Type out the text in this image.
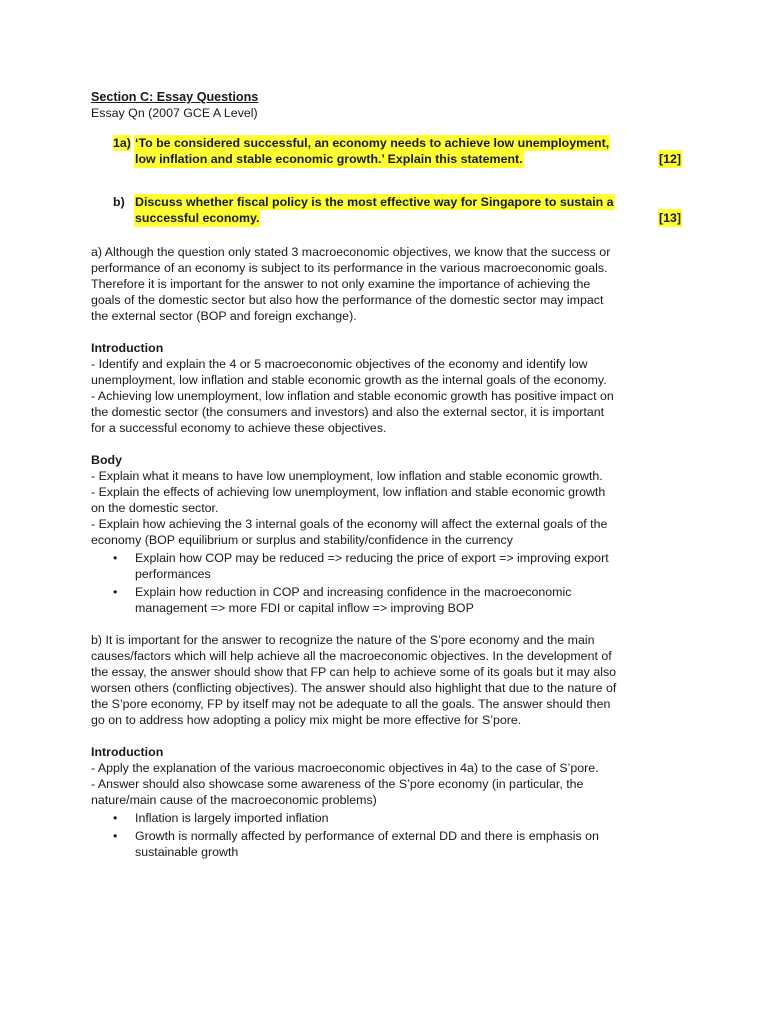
Section C: Essay Questions

Essay Qn (2007 GCE A Level)

1a) ‘To be considered successful, an economy needs to achieve low unemployment,
low inflation and stable economic growth.’ Explain this statement.	[12]
b) Discuss whether fiscal policy is the most effective way for Singapore to sustain a
successful economy.	[13]
a) Although the question only stated 3 macroeconomic objectives, we know that the success or
performance of an economy is subject to its performance in the various macroeconomic goals.
Therefore it is important for the answer to not only examine the importance of achieving the
goals of the domestic sector but also how the performance of the domestic sector may impact
the external sector (BOP and foreign exchange).

Introduction

- Identify and explain the 4 or 5 macroeconomic objectives of the economy and identify low
unemployment, low inflation and stable economic growth as the internal goals of the economy.
- Achieving low unemployment, low inflation and stable economic growth has positive impact on
the domestic sector (the consumers and investors) and also the external sector, it is important
for a successful economy to achieve these objectives.

Body

- Explain what it means to have low unemployment, low inflation and stable economic growth.
- Explain the effects of achieving low unemployment, low inflation and stable economic growth
on the domestic sector.
- Explain how achieving the 3 internal goals of the economy will affect the external goals of the
economy (BOP equilibrium or surplus and stability/confidence in the currency
• Explain how COP may be reduced => reducing the price of export => improving export
performances
• Explain how reduction in COP and increasing confidence in the macroeconomic
management => more FDI or capital inflow => improving BOP
b) It is important for the answer to recognize the nature of the S’pore economy and the main
causes/factors which will help achieve all the macroeconomic objectives. In the development of
the essay, the answer should show that FP can help to achieve some of its goals but it may also
worsen others (conflicting objectives). The answer should also highlight that due to the nature of
the S’pore economy, FP by itself may not be adequate to all the goals. The answer should then
go on to address how adopting a policy mix might be more effective for S’pore.

Introduction

- Apply the explanation of the various macroeconomic objectives in 4a) to the case of S’pore.
- Answer should also showcase some awareness of the S’pore economy (in particular, the
nature/main cause of the macroeconomic problems)
• Inflation is largely imported inflation
• Growth is normally affected by performance of external DD and there is emphasis on
sustainable growth
